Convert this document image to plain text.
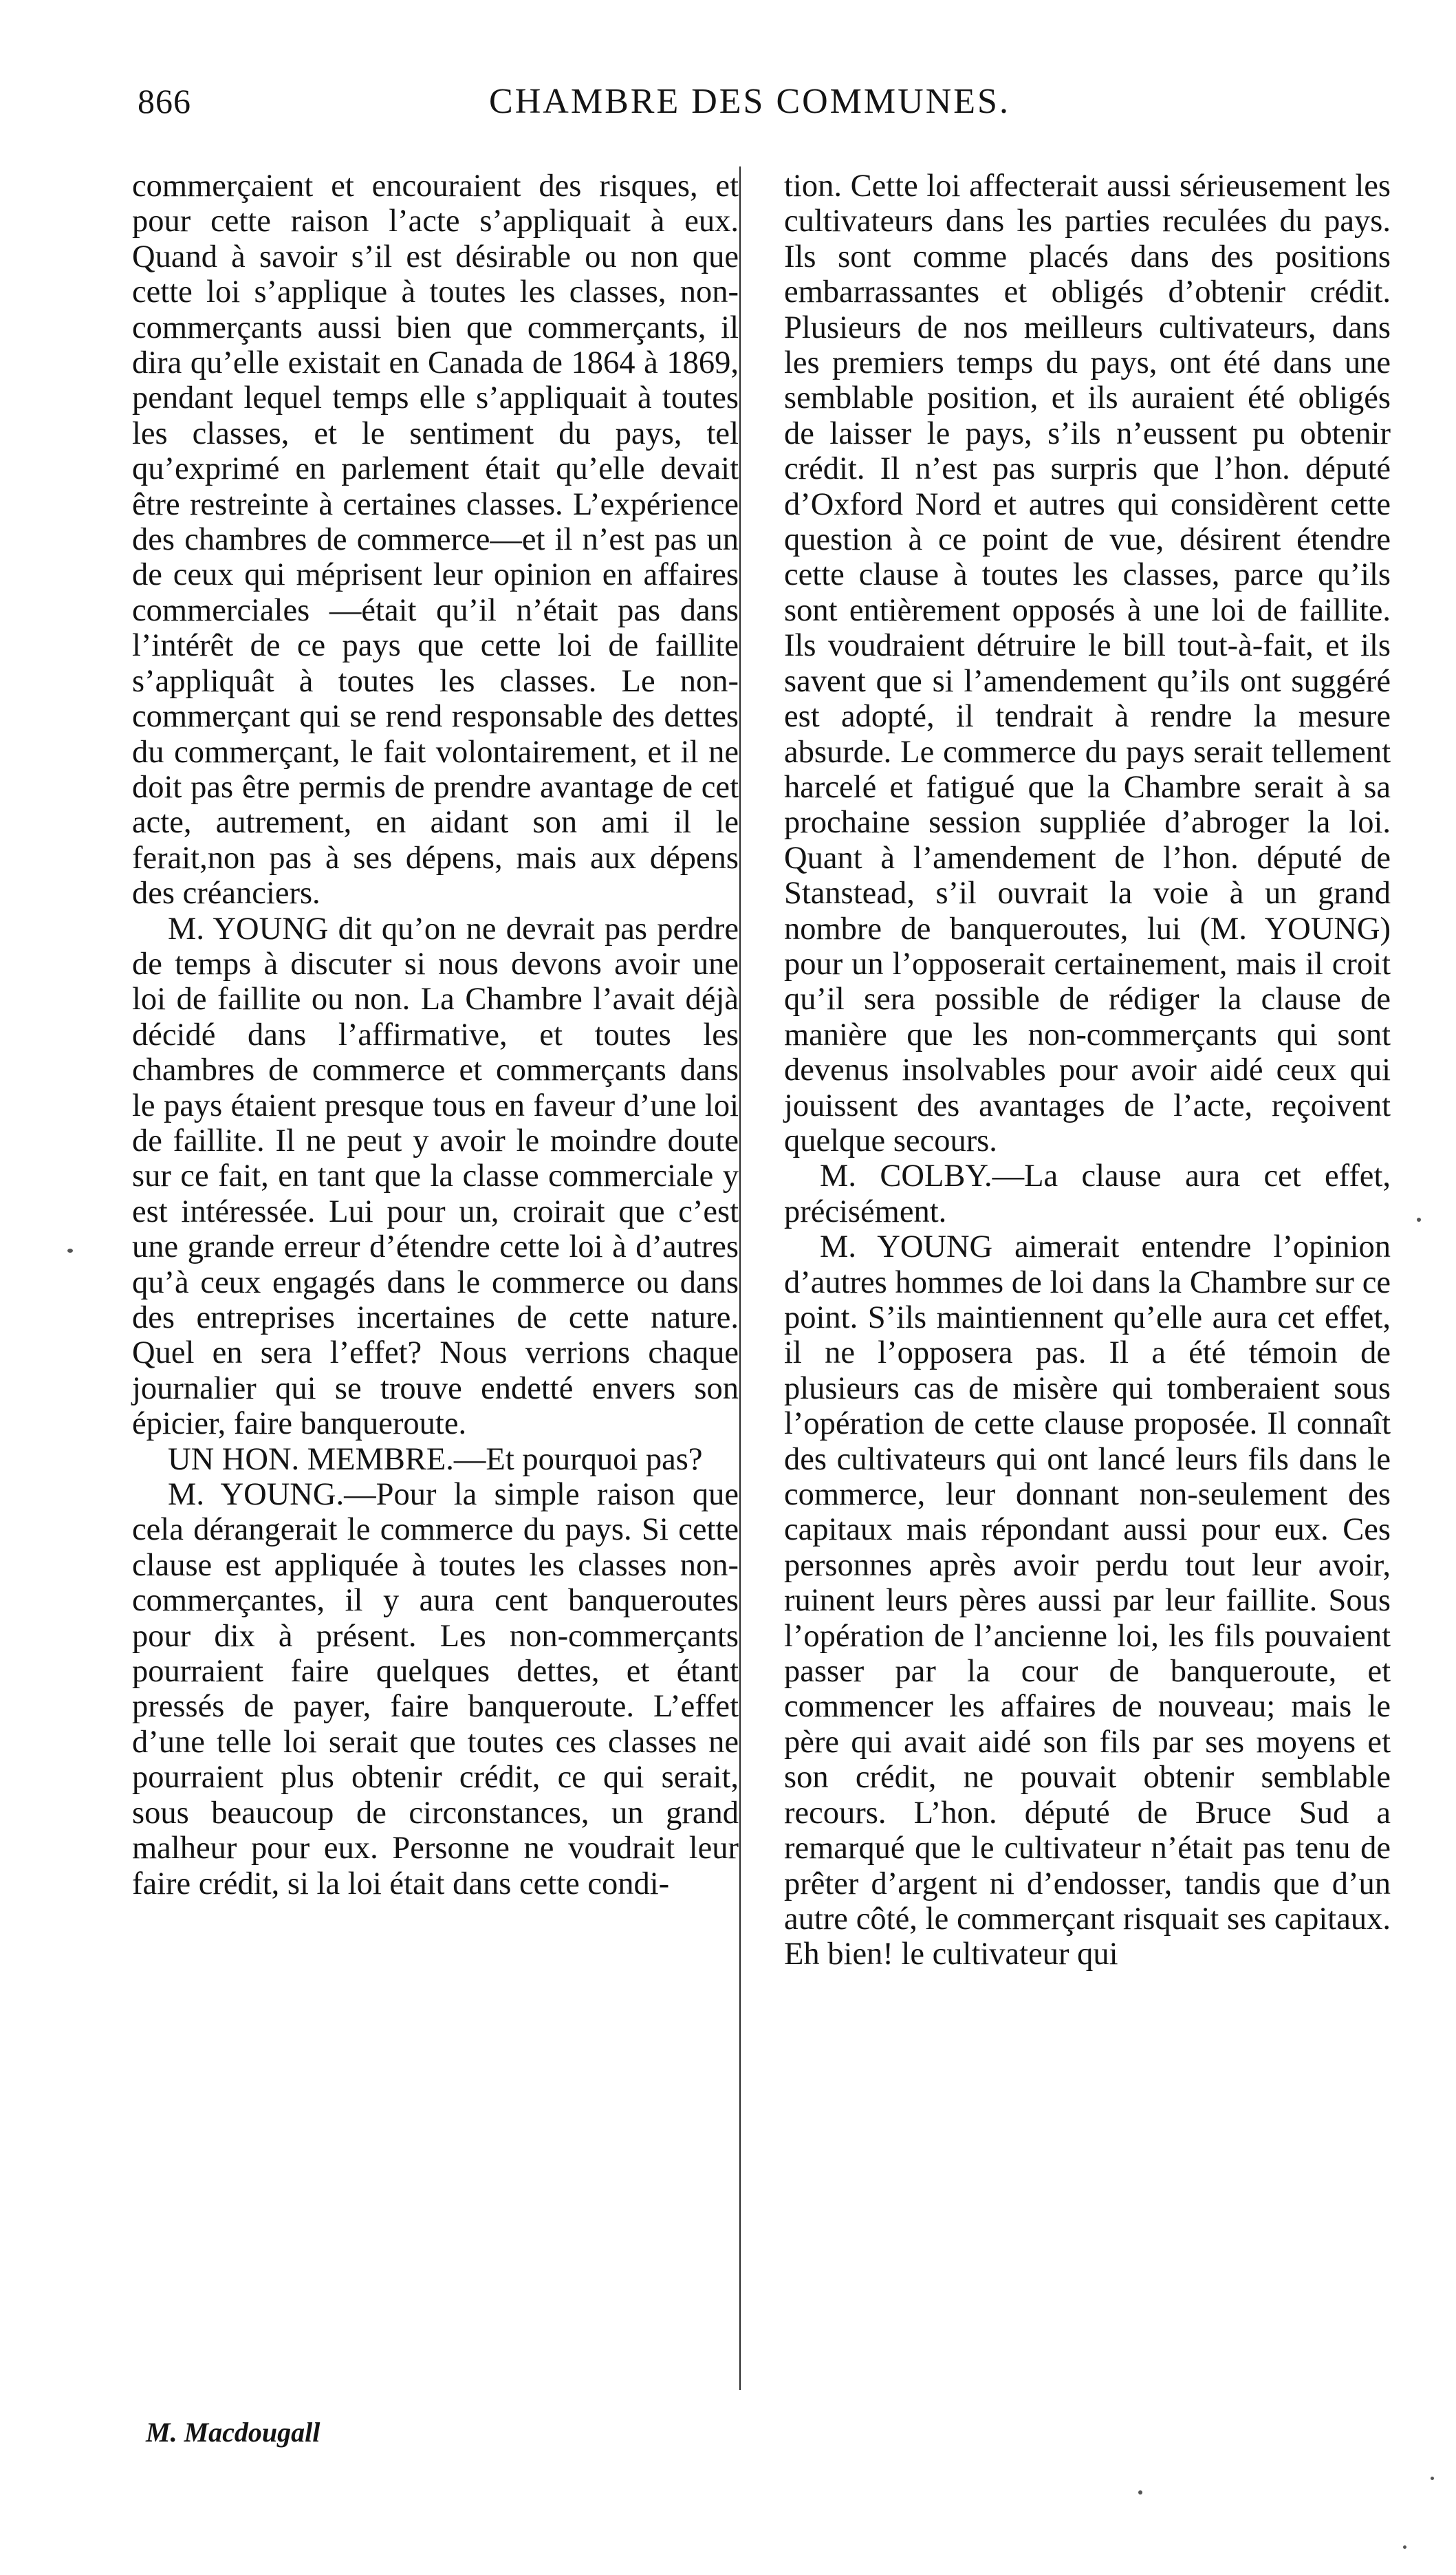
866	CHAMBRE DES COMMUNES.

commerçaient et encouraient des risques, et pour cette raison l’acte s’appliquait à eux. Quand à savoir s’il est désirable ou non que cette loi s’applique à toutes les classes, non-commerçants aussi bien que commerçants, il dira qu’elle existait en Canada de 1864 à 1869, pendant lequel temps elle s’appliquait à toutes les classes, et le sentiment du pays, tel qu’exprimé en parlement était qu’elle devait être restreinte à certaines classes. L’expérience des chambres de commerce—et il n’est pas un de ceux qui méprisent leur opinion en affaires commerciales —était qu’il n’était pas dans l’intérêt de ce pays que cette loi de faillite s’appliquât à toutes les classes. Le non-commerçant qui se rend responsable des dettes du commerçant, le fait volontairement, et il ne doit pas être permis de prendre avantage de cet acte, autrement, en aidant son ami il le ferait,non pas à ses dépens, mais aux dépens des créanciers.

M. YOUNG dit qu’on ne devrait pas perdre de temps à discuter si nous devons avoir une loi de faillite ou non. La Chambre l’avait déjà décidé dans l’affirmative, et toutes les chambres de commerce et commerçants dans le pays étaient presque tous en faveur d’une loi de faillite. Il ne peut y avoir le moindre doute sur ce fait, en tant que la classe commerciale y est intéressée. Lui pour un, croirait que c’est une grande erreur d’étendre cette loi à d’autres qu’à ceux engagés dans le commerce ou dans des entreprises incertaines de cette nature. Quel en sera l’effet? Nous verrions chaque journalier qui se trouve endetté envers son épicier, faire banqueroute.

UN HON. MEMBRE.—Et pourquoi pas?

M. YOUNG.—Pour la simple raison que cela dérangerait le commerce du pays. Si cette clause est appliquée à toutes les classes non-commerçantes, il y aura cent banqueroutes pour dix à présent. Les non-commerçants pourraient faire quelques dettes, et étant pressés de payer, faire banqueroute. L’effet d’une telle loi serait que toutes ces classes ne pourraient plus obtenir crédit, ce qui serait, sous beaucoup de circonstances, un grand malheur pour eux. Personne ne voudrait leur faire crédit, si la loi était dans cette condi-

tion. Cette loi affecterait aussi sérieusement les cultivateurs dans les parties reculées du pays. Ils sont comme placés dans des positions embarrassantes et obligés d’obtenir crédit. Plusieurs de nos meilleurs cultivateurs, dans les premiers temps du pays, ont été dans une semblable position, et ils auraient été obligés de laisser le pays, s’ils n’eussent pu obtenir crédit. Il n’est pas surpris que l’hon. député d’Oxford Nord et autres qui considèrent cette question à ce point de vue, désirent étendre cette clause à toutes les classes, parce qu’ils sont entièrement opposés à une loi de faillite. Ils voudraient détruire le bill tout-à-fait, et ils savent que si l’amendement qu’ils ont suggéré est adopté, il tendrait à rendre la mesure absurde. Le commerce du pays serait tellement harcelé et fatigué que la Chambre serait à sa prochaine session suppliée d’abroger la loi. Quant à l’amendement de l’hon. député de Stanstead, s’il ouvrait la voie à un grand nombre de banqueroutes, lui (M. YOUNG) pour un l’opposerait certainement, mais il croit qu’il sera possible de rédiger la clause de manière que les non-commerçants qui sont devenus insolvables pour avoir aidé ceux qui jouissent des avantages de l’acte, reçoivent quelque secours.

M. COLBY.—La clause aura cet effet, précisément.

M. YOUNG aimerait entendre l’opinion d’autres hommes de loi dans la Chambre sur ce point. S’ils maintiennent qu’elle aura cet effet, il ne l’opposera pas. Il a été témoin de plusieurs cas de misère qui tomberaient sous l’opération de cette clause proposée. Il connaît des cultivateurs qui ont lancé leurs fils dans le commerce, leur donnant non-seulement des capitaux mais répondant aussi pour eux. Ces personnes après avoir perdu tout leur avoir, ruinent leurs pères aussi par leur faillite. Sous l’opération de l’ancienne loi, les fils pouvaient passer par la cour de banqueroute, et commencer les affaires de nouveau; mais le père qui avait aidé son fils par ses moyens et son crédit, ne pouvait obtenir semblable recours. L’hon. député de Bruce Sud a remarqué que le cultivateur n’était pas tenu de prêter d’argent ni d’endosser, tandis que d’un autre côté, le commerçant risquait ses capitaux. Eh bien! le cultivateur qui

M. Macdougall
